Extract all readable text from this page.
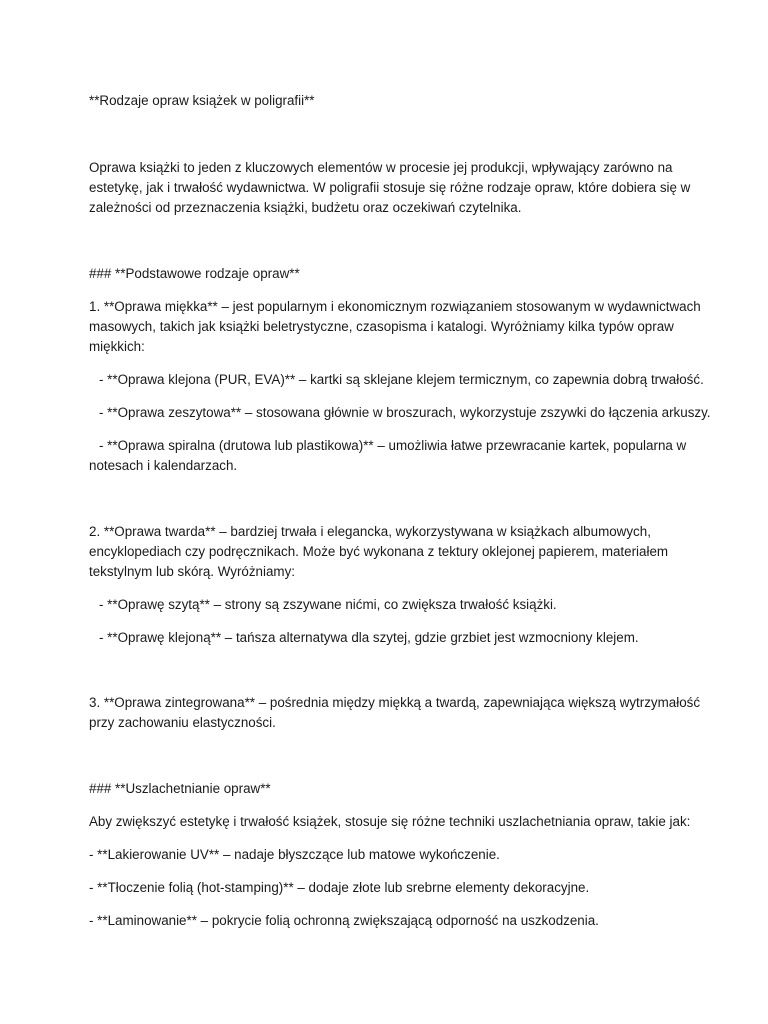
**Rodzaje opraw książek w poligrafii**
Oprawa książki to jeden z kluczowych elementów w procesie jej produkcji, wpływający zarówno na
estetykę, jak i trwałość wydawnictwa. W poligrafii stosuje się różne rodzaje opraw, które dobiera się w
zależności od przeznaczenia książki, budżetu oraz oczekiwań czytelnika.
### **Podstawowe rodzaje opraw**
1. **Oprawa miękka** – jest popularnym i ekonomicznym rozwiązaniem stosowanym w wydawnictwach
masowych, takich jak książki beletrystyczne, czasopisma i katalogi. Wyróżniamy kilka typów opraw
miękkich:
- **Oprawa klejona (PUR, EVA)** – kartki są sklejane klejem termicznym, co zapewnia dobrą trwałość.
- **Oprawa zeszytowa** – stosowana głównie w broszurach, wykorzystuje zszywki do łączenia arkuszy.
- **Oprawa spiralna (drutowa lub plastikowa)** – umożliwia łatwe przewracanie kartek, popularna w
notesach i kalendarzach.
2. **Oprawa twarda** – bardziej trwała i elegancka, wykorzystywana w książkach albumowych,
encyklopediach czy podręcznikach. Może być wykonana z tektury oklejonej papierem, materiałem
tekstylnym lub skórą. Wyróżniamy:
- **Oprawę szytą** – strony są zszywane nićmi, co zwiększa trwałość książki.
- **Oprawę klejoną** – tańsza alternatywa dla szytej, gdzie grzbiet jest wzmocniony klejem.
3. **Oprawa zintegrowana** – pośrednia między miękką a twardą, zapewniająca większą wytrzymałość
przy zachowaniu elastyczności.
### **Uszlachetnianie opraw**
Aby zwiększyć estetykę i trwałość książek, stosuje się różne techniki uszlachetniania opraw, takie jak:
- **Lakierowanie UV** – nadaje błyszczące lub matowe wykończenie.
- **Tłoczenie folią (hot-stamping)** – dodaje złote lub srebrne elementy dekoracyjne.
- **Laminowanie** – pokrycie folią ochronną zwiększającą odporność na uszkodzenia.
